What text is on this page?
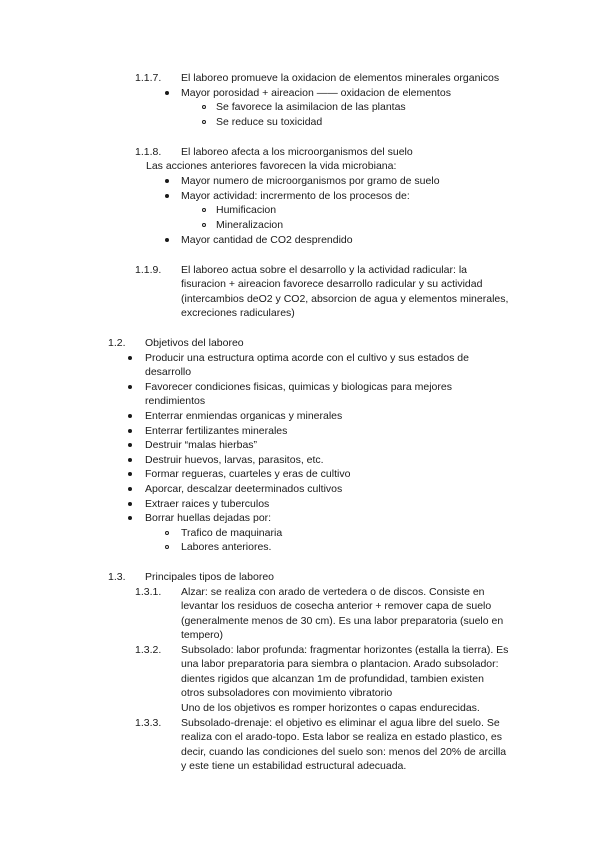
1.1.7. El laboreo promueve la oxidacion de elementos minerales organicos
Mayor porosidad + aireacion —— oxidacion de elementos
Se favorece la asimilacion de las plantas
Se reduce su toxicidad
1.1.8. El laboreo afecta a los microorganismos del suelo
Las acciones anteriores favorecen la vida microbiana:
Mayor numero de microorganismos por gramo de suelo
Mayor actividad: incrermento de los procesos de:
Humificacion
Mineralizacion
Mayor cantidad de CO2 desprendido
1.1.9. El laboreo actua sobre el desarrollo y la actividad radicular: la
fisuracion + aireacion favorece desarrollo radicular y su actividad
(intercambios deO2 y CO2, absorcion de agua y elementos minerales,
excreciones radiculares)
1.2. Objetivos del laboreo
Producir una estructura optima acorde con el cultivo y sus estados de
desarrollo
Favorecer condiciones fisicas, quimicas y biologicas para mejores
rendimientos
Enterrar enmiendas organicas y minerales
Enterrar fertilizantes minerales
Destruir “malas hierbas”
Destruir huevos, larvas, parasitos, etc.
Formar regueras, cuarteles y eras de cultivo
Aporcar, descalzar deeterminados cultivos
Extraer raices y tuberculos
Borrar huellas dejadas por:
Trafico de maquinaria
Labores anteriores.
1.3. Principales tipos de laboreo
1.3.1. Alzar: se realiza con arado de vertedera o de discos. Consiste en
levantar los residuos de cosecha anterior + remover capa de suelo
(generalmente menos de 30 cm). Es una labor preparatoria (suelo en
tempero)
1.3.2. Subsolado: labor profunda: fragmentar horizontes (estalla la tierra). Es
una labor preparatoria para siembra o plantacion. Arado subsolador:
dientes rigidos que alcanzan 1m de profundidad, tambien existen
otros subsoladores con movimiento vibratorio
Uno de los objetivos es romper horizontes o capas endurecidas.
1.3.3. Subsolado-drenaje: el objetivo es eliminar el agua libre del suelo. Se
realiza con el arado-topo. Esta labor se realiza en estado plastico, es
decir, cuando las condiciones del suelo son: menos del 20% de arcilla
y este tiene un estabilidad estructural adecuada.
